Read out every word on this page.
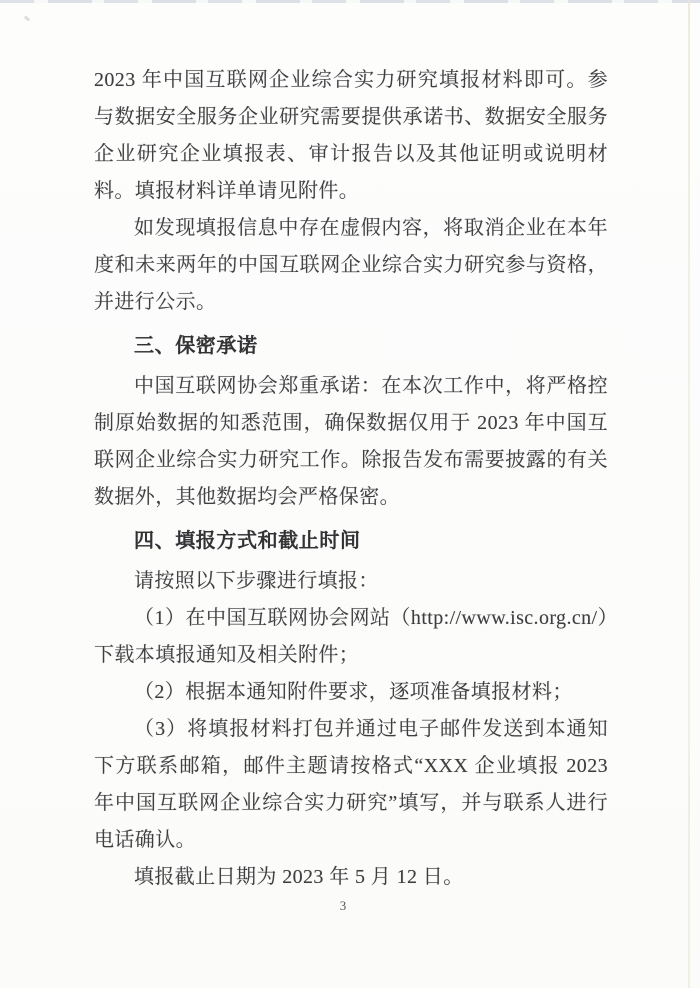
2023 年中国互联网企业综合实力研究填报材料即可。参与数据安全服务企业研究需要提供承诺书、数据安全服务企业研究企业填报表、审计报告以及其他证明或说明材料。填报材料详单请见附件。

如发现填报信息中存在虚假内容，将取消企业在本年度和未来两年的中国互联网企业综合实力研究参与资格，并进行公示。

三、保密承诺

中国互联网协会郑重承诺：在本次工作中，将严格控制原始数据的知悉范围，确保数据仅用于 2023 年中国互联网企业综合实力研究工作。除报告发布需要披露的有关数据外，其他数据均会严格保密。

四、填报方式和截止时间

请按照以下步骤进行填报：

（1）在中国互联网协会网站（http://www.isc.org.cn/）下载本填报通知及相关附件；

（2）根据本通知附件要求，逐项准备填报材料；

（3）将填报材料打包并通过电子邮件发送到本通知下方联系邮箱，邮件主题请按格式“XXX 企业填报 2023 年中国互联网企业综合实力研究”填写，并与联系人进行电话确认。

填报截止日期为 2023 年 5 月 12 日。

3
